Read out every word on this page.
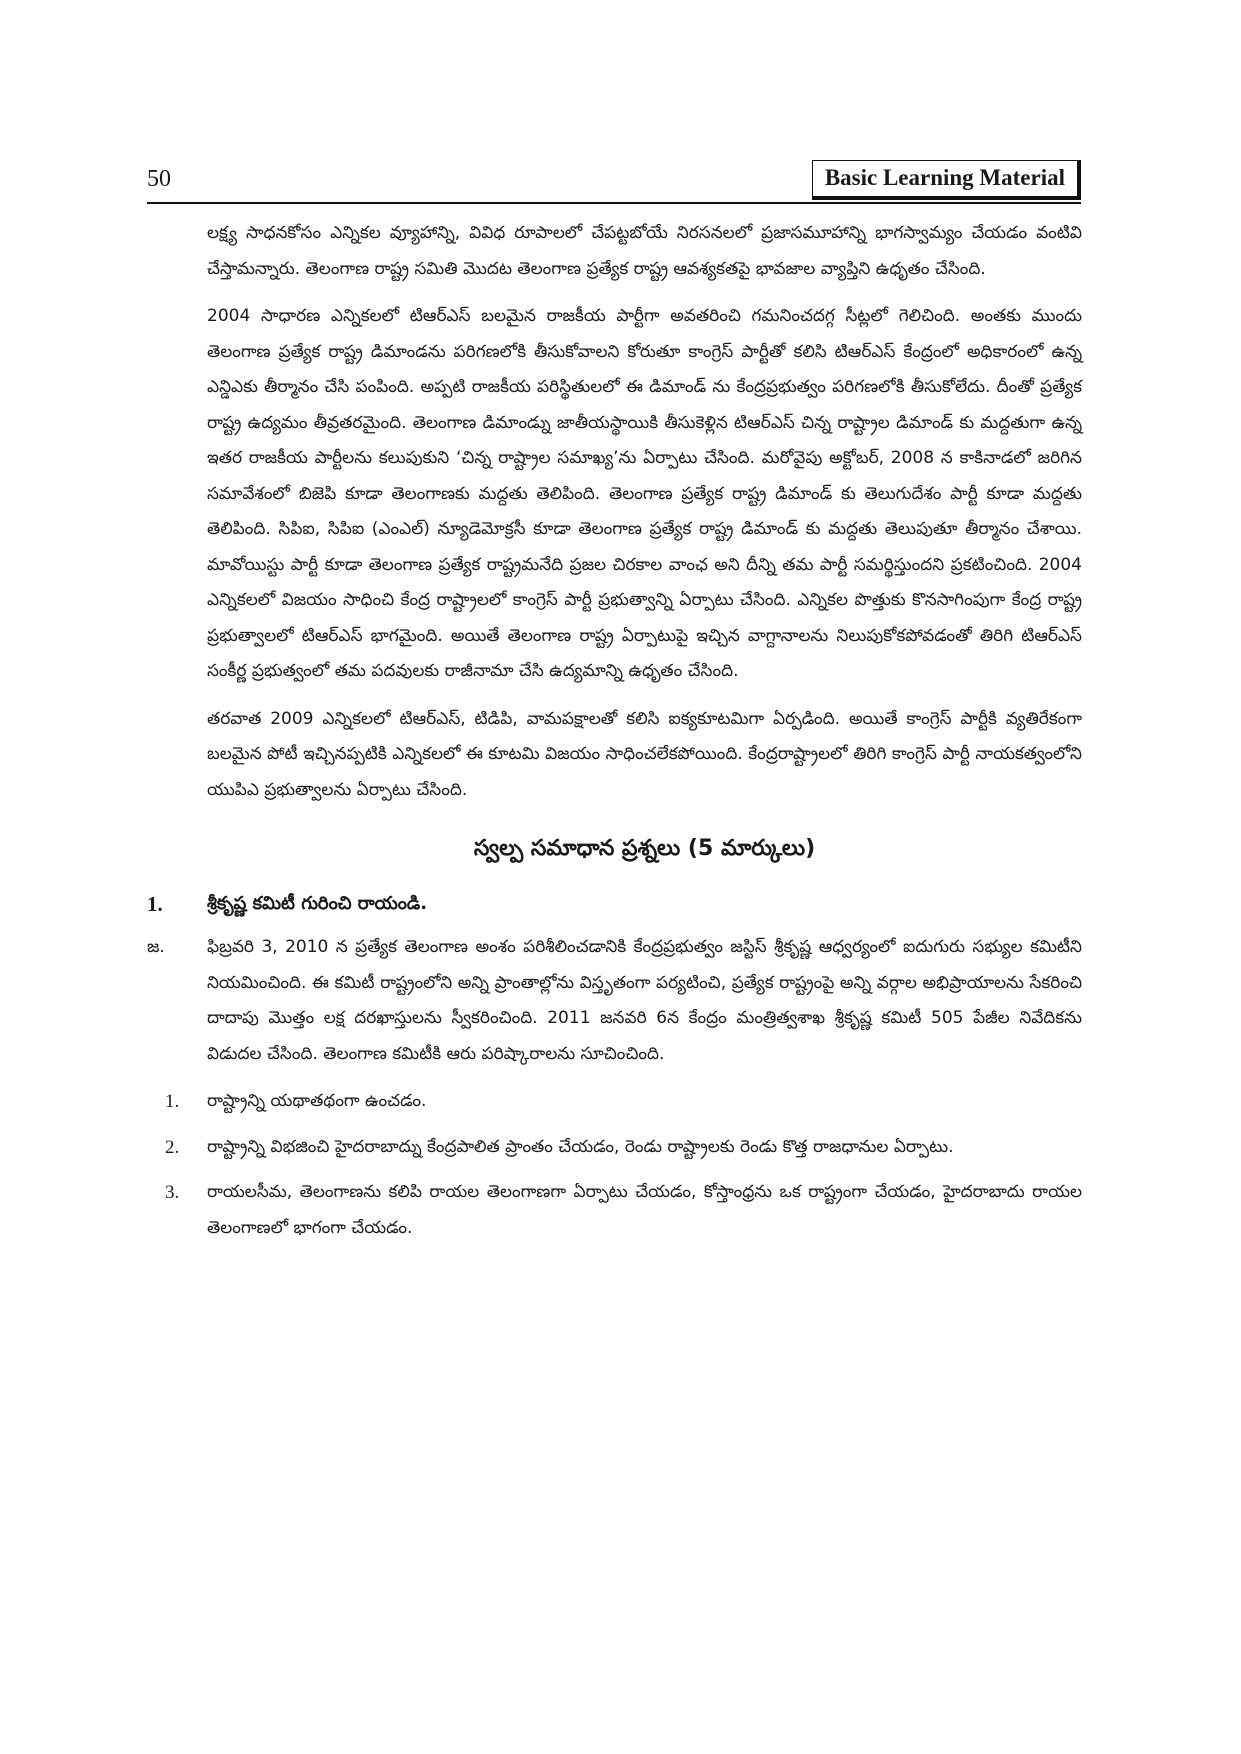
50	Basic Learning Material

లక్ష్య సాధనకోసం ఎన్నికల వ్యూహాన్ని, వివిధ రూపాలలో చేపట్టబోయే నిరసనలలో ప్రజాసమూహాన్ని భాగస్వామ్యం చేయడం వంటివి చేస్తామన్నారు. తెలంగాణ రాష్ట్ర సమితి మొదట తెలంగాణ ప్రత్యేక రాష్ట్ర ఆవశ్యకతపై భావజాల వ్యాప్తిని ఉధృతం చేసింది.

2004 సాధారణ ఎన్నికలలో టిఆర్ఎస్ బలమైన రాజకీయ పార్టీగా అవతరించి గమనించదగ్గ సీట్లలో గెలిచింది. అంతకు ముందు తెలంగాణ ప్రత్యేక రాష్ట్ర డిమాండను పరిగణలోకి తీసుకోవాలని కోరుతూ కాంగ్రెస్ పార్టీతో కలిసి టిఆర్ఎస్ కేంద్రంలో అధికారంలో ఉన్న ఎన్డిఎకు తీర్మానం చేసి పంపింది. అప్పటి రాజకీయ పరిస్థితులలో ఈ డిమాండ్ ను కేంద్రప్రభుత్వం పరిగణలోకి తీసుకోలేదు. దీంతో ప్రత్యేక రాష్ట్ర ఉద్యమం తీవ్రతరమైంది. తెలంగాణ డిమాండ్ను జాతీయస్థాయికి తీసుకెళ్లిన టిఆర్ఎస్ చిన్న రాష్ట్రాల డిమాండ్ కు మద్దతుగా ఉన్న ఇతర రాజకీయ పార్టీలను కలుపుకుని ‘చిన్న రాష్ట్రాల సమాఖ్య’ను ఏర్పాటు చేసింది. మరోవైపు అక్టోబర్, 2008 న కాకినాడలో జరిగిన సమావేశంలో బిజెపి కూడా తెలంగాణకు మద్దతు తెలిపింది. తెలంగాణ ప్రత్యేక రాష్ట్ర డిమాండ్ కు తెలుగుదేశం పార్టీ కూడా మద్దతు తెలిపింది. సిపిఐ, సిపిఐ (ఎంఎల్) న్యూడెమోక్రసీ కూడా తెలంగాణ ప్రత్యేక రాష్ట్ర డిమాండ్ కు మద్దతు తెలుపుతూ తీర్మానం చేశాయి. మావోయిస్టు పార్టీ కూడా తెలంగాణ ప్రత్యేక రాష్ట్రమనేది ప్రజల చిరకాల వాంఛ అని దీన్ని తమ పార్టీ సమర్థిస్తుందని ప్రకటించింది. 2004 ఎన్నికలలో విజయం సాధించి కేంద్ర రాష్ట్రాలలో కాంగ్రెస్ పార్టీ ప్రభుత్వాన్ని ఏర్పాటు చేసింది. ఎన్నికల పొత్తుకు కొనసాగింపుగా కేంద్ర రాష్ట్ర ప్రభుత్వాలలో టిఆర్ఎస్ భాగమైంది. అయితే తెలంగాణ రాష్ట్ర ఏర్పాటుపై ఇచ్చిన వాగ్దానాలను నిలుపుకోకపోవడంతో తిరిగి టిఆర్ఎస్ సంకీర్ణ ప్రభుత్వంలో తమ పదవులకు రాజీనామా చేసి ఉద్యమాన్ని ఉధృతం చేసింది.

తరవాత 2009 ఎన్నికలలో టిఆర్ఎస్, టిడిపి, వామపక్షాలతో కలిసి ఐక్యకూటమిగా ఏర్పడింది. అయితే కాంగ్రెస్ పార్టీకి వ్యతిరేకంగా బలమైన పోటీ ఇచ్చినప్పటికి ఎన్నికలలో ఈ కూటమి విజయం సాధించలేకపోయింది. కేంద్రరాష్ట్రాలలో తిరిగి కాంగ్రెస్ పార్టీ నాయకత్వంలోని యుపిఎ ప్రభుత్వాలను ఏర్పాటు చేసింది.

స్వల్ప సమాధాన ప్రశ్నలు (5 మార్కులు)
1.	శ్రీకృష్ణ కమిటీ గురించి రాయండి.
జ.	ఫిబ్రవరి 3, 2010 న ప్రత్యేక తెలంగాణ అంశం పరిశీలించడానికి కేంద్రప్రభుత్వం జస్టిస్ శ్రీకృష్ణ ఆధ్వర్యంలో ఐదుగురు సభ్యుల కమిటీని నియమించింది. ఈ కమిటీ రాష్ట్రంలోని అన్ని ప్రాంతాల్లోను విస్తృతంగా పర్యటించి, ప్రత్యేక రాష్ట్రంపై అన్ని వర్గాల అభిప్రాయాలను సేకరించి దాదాపు మొత్తం లక్ష దరఖాస్తులను స్వీకరించింది. 2011 జనవరి 6న కేంద్రం మంత్రిత్వశాఖ శ్రీకృష్ణ కమిటీ 505 పేజీల నివేదికను విడుదల చేసింది. తెలంగాణ కమిటీకి ఆరు పరిష్కారాలను సూచించింది.

1.	రాష్ట్రాన్ని యథాతథంగా ఉంచడం.

2.	రాష్ట్రాన్ని విభజించి హైదరాబాద్ను కేంద్రపాలిత ప్రాంతం చేయడం, రెండు రాష్ట్రాలకు రెండు కొత్త రాజధానుల ఏర్పాటు.

3.	రాయలసీమ, తెలంగాణను కలిపి రాయల తెలంగాణగా ఏర్పాటు చేయడం, కోస్తాంధ్రను ఒక రాష్ట్రంగా చేయడం, హైదరాబాదు రాయల తెలంగాణలో భాగంగా చేయడం.
